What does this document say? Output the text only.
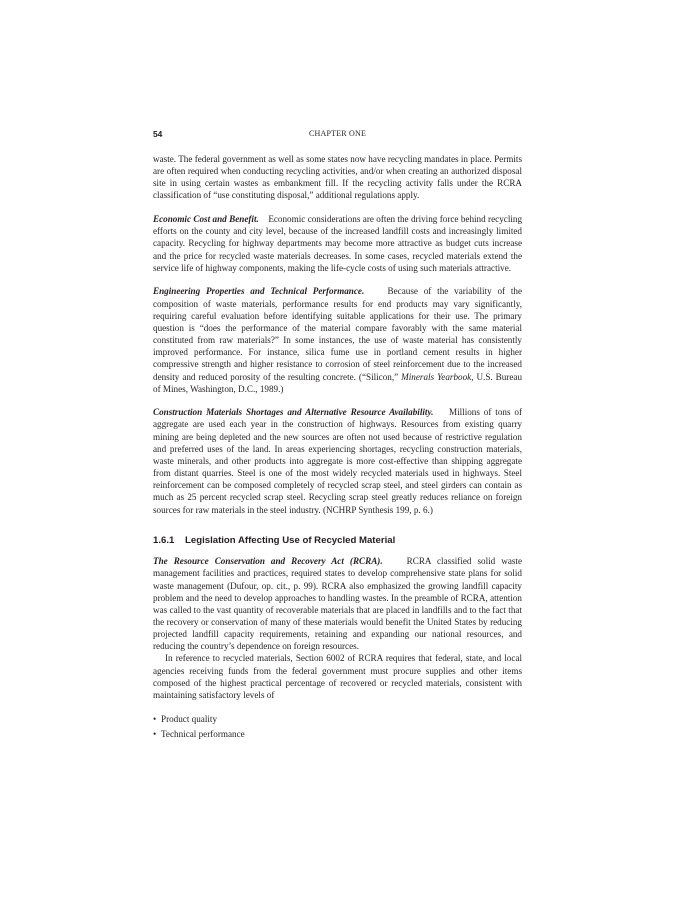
54	CHAPTER ONE

waste. The federal government as well as some states now have recycling mandates in place. Permits are often required when conducting recycling activities, and/or when creating an authorized disposal site in using certain wastes as embankment fill. If the recycling activity falls under the RCRA classification of “use constituting disposal,” additional regulations apply.

Economic Cost and Benefit. Economic considerations are often the driving force behind recycling efforts on the county and city level, because of the increased landfill costs and increasingly limited capacity. Recycling for highway departments may become more attractive as budget cuts increase and the price for recycled waste materials decreases. In some cases, recycled materials extend the service life of highway components, making the life-cycle costs of using such materials attractive.

Engineering Properties and Technical Performance.	Because of the variability of the composition of waste materials, performance results for end products may vary significantly, requiring careful evaluation before identifying suitable applications for their use. The primary question is “does the performance of the material compare favorably with the same material constituted from raw materials?” In some instances, the use of waste material has consistently improved performance. For instance, silica fume use in portland cement results in higher compressive strength and higher resistance to corrosion of steel reinforcement due to the increased density and reduced porosity of the resulting concrete. (“Silicon,” Minerals Yearbook, U.S. Bureau of Mines, Washington, D.C., 1989.)

Construction Materials Shortages and Alternative Resource Availability. Millions of tons of aggregate are used each year in the construction of highways. Resources from existing quarry mining are being depleted and the new sources are often not used because of restrictive regulation and preferred uses of the land. In areas experiencing shortages, recycling construction materials, waste minerals, and other products into aggregate is more cost-effective than shipping aggregate from distant quarries. Steel is one of the most widely recycled materials used in highways. Steel reinforcement can be composed completely of recycled scrap steel, and steel girders can contain as much as 25 percent recycled scrap steel. Recycling scrap steel greatly reduces reliance on foreign sources for raw materials in the steel industry. (NCHRP Synthesis 199, p. 6.)

1.6.1 Legislation Affecting Use of Recycled Material

The Resource Conservation and Recovery Act (RCRA).	RCRA classified solid waste management facilities and practices, required states to develop comprehensive state plans for solid waste management (Dufour, op. cit., p. 99). RCRA also emphasized the growing landfill capacity problem and the need to develop approaches to handling wastes. In the preamble of RCRA, attention was called to the vast quantity of recoverable materials that are placed in landfills and to the fact that the recovery or conservation of many of these materials would benefit the United States by reducing projected landfill capacity requirements, retaining and expanding our national resources, and reducing the country’s dependence on foreign resources.

In reference to recycled materials, Section 6002 of RCRA requires that federal, state, and local agencies receiving funds from the federal government must procure supplies and other items composed of the highest practical percentage of recovered or recycled materials, consistent with maintaining satisfactory levels of

• Product quality
• Technical performance
